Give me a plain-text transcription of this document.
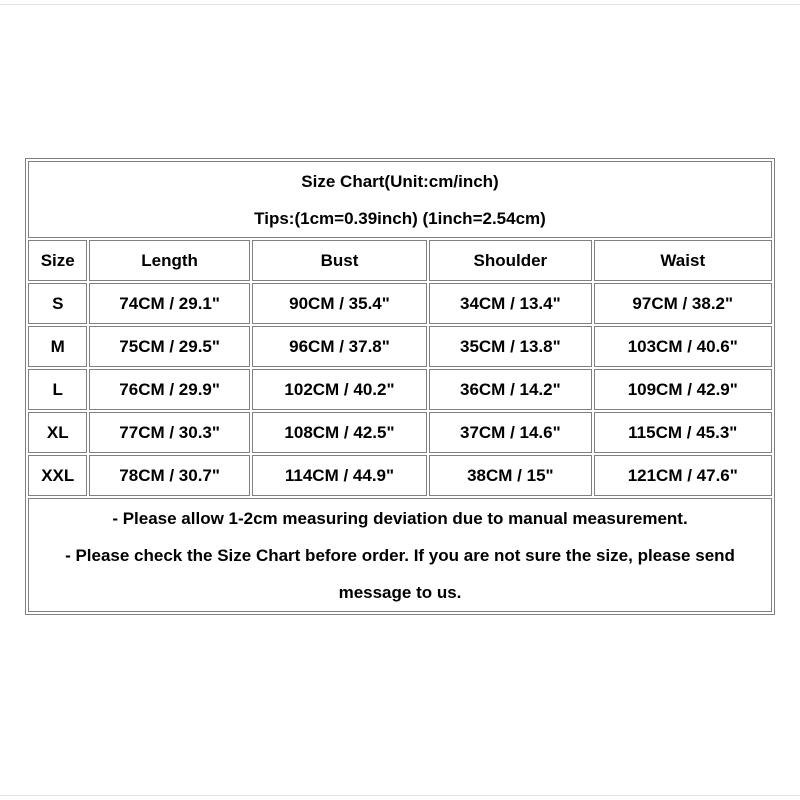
Size Chart(Unit:cm/inch)
Tips:(1cm=0.39inch) (1inch=2.54cm)				

Size	Length	Bust	Shoulder	Waist
S	74CM / 29.1"	90CM / 35.4"	34CM / 13.4"	97CM / 38.2"
M	75CM / 29.5"	96CM / 37.8"	35CM / 13.8"	103CM / 40.6"
L	76CM / 29.9"	102CM / 40.2"	36CM / 14.2"	109CM / 42.9"
XL	77CM / 30.3"	108CM / 42.5"	37CM / 14.6"	115CM / 45.3"
XXL	78CM / 30.7"	114CM / 44.9"	38CM / 15"	121CM / 47.6"

- Please allow 1-2cm measuring deviation due to manual measurement.
- Please check the Size Chart before order. If you are not sure the size, please send message to us.				
